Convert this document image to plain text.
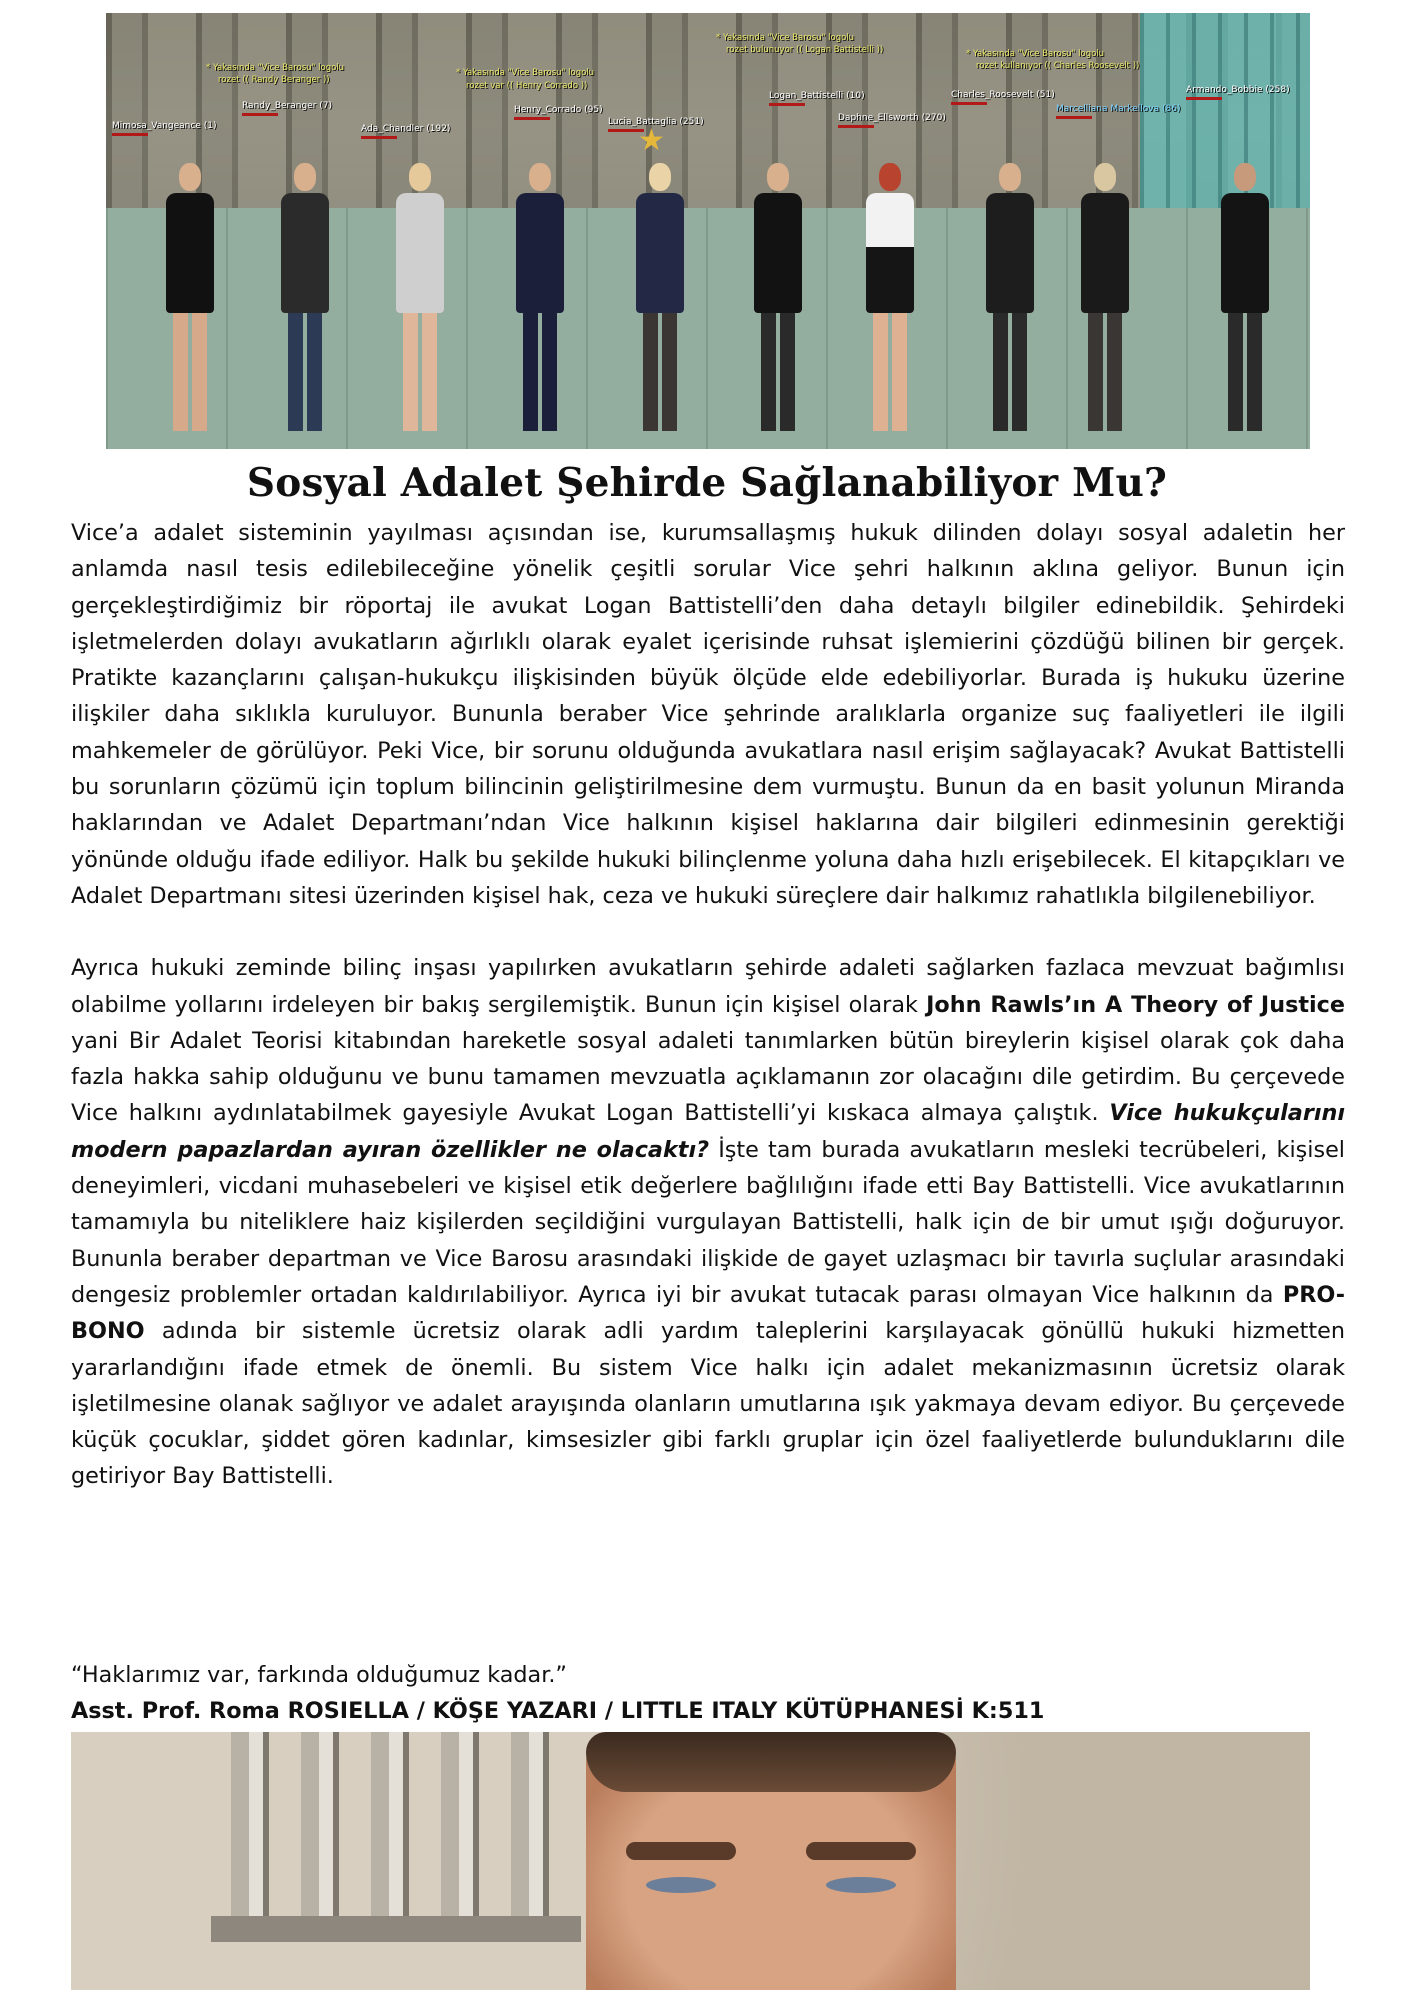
* Yakasında "Vice Barosu" logolu
rozet (( Randy Beranger ))
* Yakasında "Vice Barosu" logolu
rozet var (( Henry Corrado ))
* Yakasında "Vice Barosu" logolu
rozet bulunuyor (( Logan Battistelli ))	* Yakasında "Vice Barosu" logolu
rozet kullanıyor (( Charles Roosevelt ))
Mimosa_Vangeance (1)
Randy_Beranger (7)
Ada_Chandler (192)
Henry_Corrado (95)
Lucia_Battaglia (251)
Logan_Battistelli (10)
Daphne_Ellsworth (270)
Charles_Roosevelt (51)	Armando_Bobbie (258)
Marcelliana Markellova (86)
★
Sosyal Adalet Şehirde Sağlanabiliyor Mu?

Vice’a adalet sisteminin yayılması açısından ise, kurumsallaşmış hukuk dilinden dolayı sosyal adaletin her anlamda nasıl tesis edilebileceğine yönelik çeşitli sorular Vice şehri halkının aklına geliyor. Bunun için gerçekleştirdiğimiz bir röportaj ile avukat Logan Battistelli’den daha detaylı bilgiler edinebildik. Şehirdeki işletmelerden dolayı avukatların ağırlıklı olarak eyalet içerisinde ruhsat işlemierini çözdüğü bilinen bir gerçek. Pratikte kazançlarını çalışan-hukukçu ilişkisinden büyük ölçüde elde edebiliyorlar. Burada iş hukuku üzerine ilişkiler daha sıklıkla kuruluyor. Bununla beraber Vice şehrinde aralıklarla organize suç faaliyetleri ile ilgili mahkemeler de görülüyor. Peki Vice, bir sorunu olduğunda avukatlara nasıl erişim sağlayacak? Avukat Battistelli bu sorunların çözümü için toplum bilincinin geliştirilmesine dem vurmuştu. Bunun da en basit yolunun Miranda haklarından ve Adalet Departmanı’ndan Vice halkının kişisel haklarına dair bilgileri edinmesinin gerektiği yönünde olduğu ifade ediliyor. Halk bu şekilde hukuki bilinçlenme yoluna daha hızlı erişebilecek. El kitapçıkları ve Adalet Departmanı sitesi üzerinden kişisel hak, ceza ve hukuki süreçlere dair halkımız rahatlıkla bilgilenebiliyor.

Ayrıca hukuki zeminde bilinç inşası yapılırken avukatların şehirde adaleti sağlarken fazlaca mevzuat bağımlısı olabilme yollarını irdeleyen bir bakış sergilemiştik. Bunun için kişisel olarak John Rawls’ın A Theory of Justice yani Bir Adalet Teorisi kitabından hareketle sosyal adaleti tanımlarken bütün bireylerin kişisel olarak çok daha fazla hakka sahip olduğunu ve bunu tamamen mevzuatla açıklamanın zor olacağını dile getirdim. Bu çerçevede Vice halkını aydınlatabilmek gayesiyle Avukat Logan Battistelli’yi kıskaca almaya çalıştık. Vice hukukçularını modern papazlardan ayıran özellikler ne olacaktı? İşte tam burada avukatların mesleki tecrübeleri, kişisel deneyimleri, vicdani muhasebeleri ve kişisel etik değerlere bağlılığını ifade etti Bay Battistelli. Vice avukatlarının tamamıyla bu niteliklere haiz kişilerden seçildiğini vurgulayan Battistelli, halk için de bir umut ışığı doğuruyor. Bununla beraber departman ve Vice Barosu arasındaki ilişkide de gayet uzlaşmacı bir tavırla suçlular arasındaki dengesiz problemler ortadan kaldırılabiliyor. Ayrıca iyi bir avukat tutacak parası olmayan Vice halkının da PRO-BONO adında bir sistemle ücretsiz olarak adli yardım taleplerini karşılayacak gönüllü hukuki hizmetten yararlandığını ifade etmek de önemli. Bu sistem Vice halkı için adalet mekanizmasının ücretsiz olarak işletilmesine olanak sağlıyor ve adalet arayışında olanların umutlarına ışık yakmaya devam ediyor. Bu çerçevede küçük çocuklar, şiddet gören kadınlar, kimsesizler gibi farklı gruplar için özel faaliyetlerde bulunduklarını dile getiriyor Bay Battistelli.

“Haklarımız var, farkında olduğumuz kadar.”
Asst. Prof. Roma ROSIELLA / KÖŞE YAZARI / LITTLE ITALY KÜTÜPHANESİ K:511
